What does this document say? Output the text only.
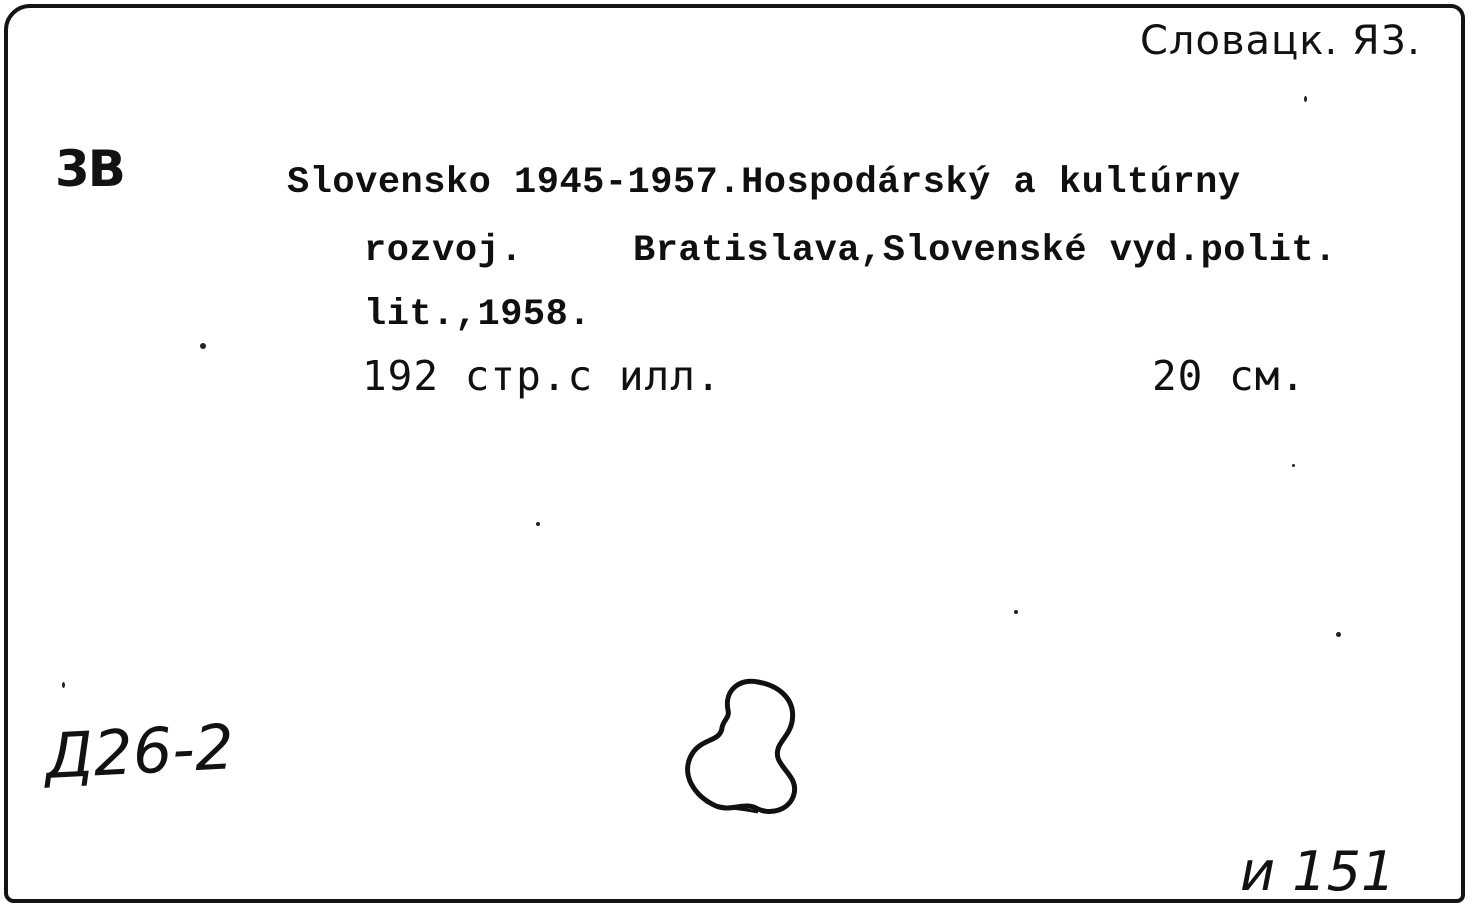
Словацк. Я3.
3B	Slovensko 1945-1957.Hospodárský a kultúrny
rozvoj.	Bratislava,Slovenské vyd.polit.
lit.,1958.
192 стр.с илл.	20 см.
Д26-2
и 151
